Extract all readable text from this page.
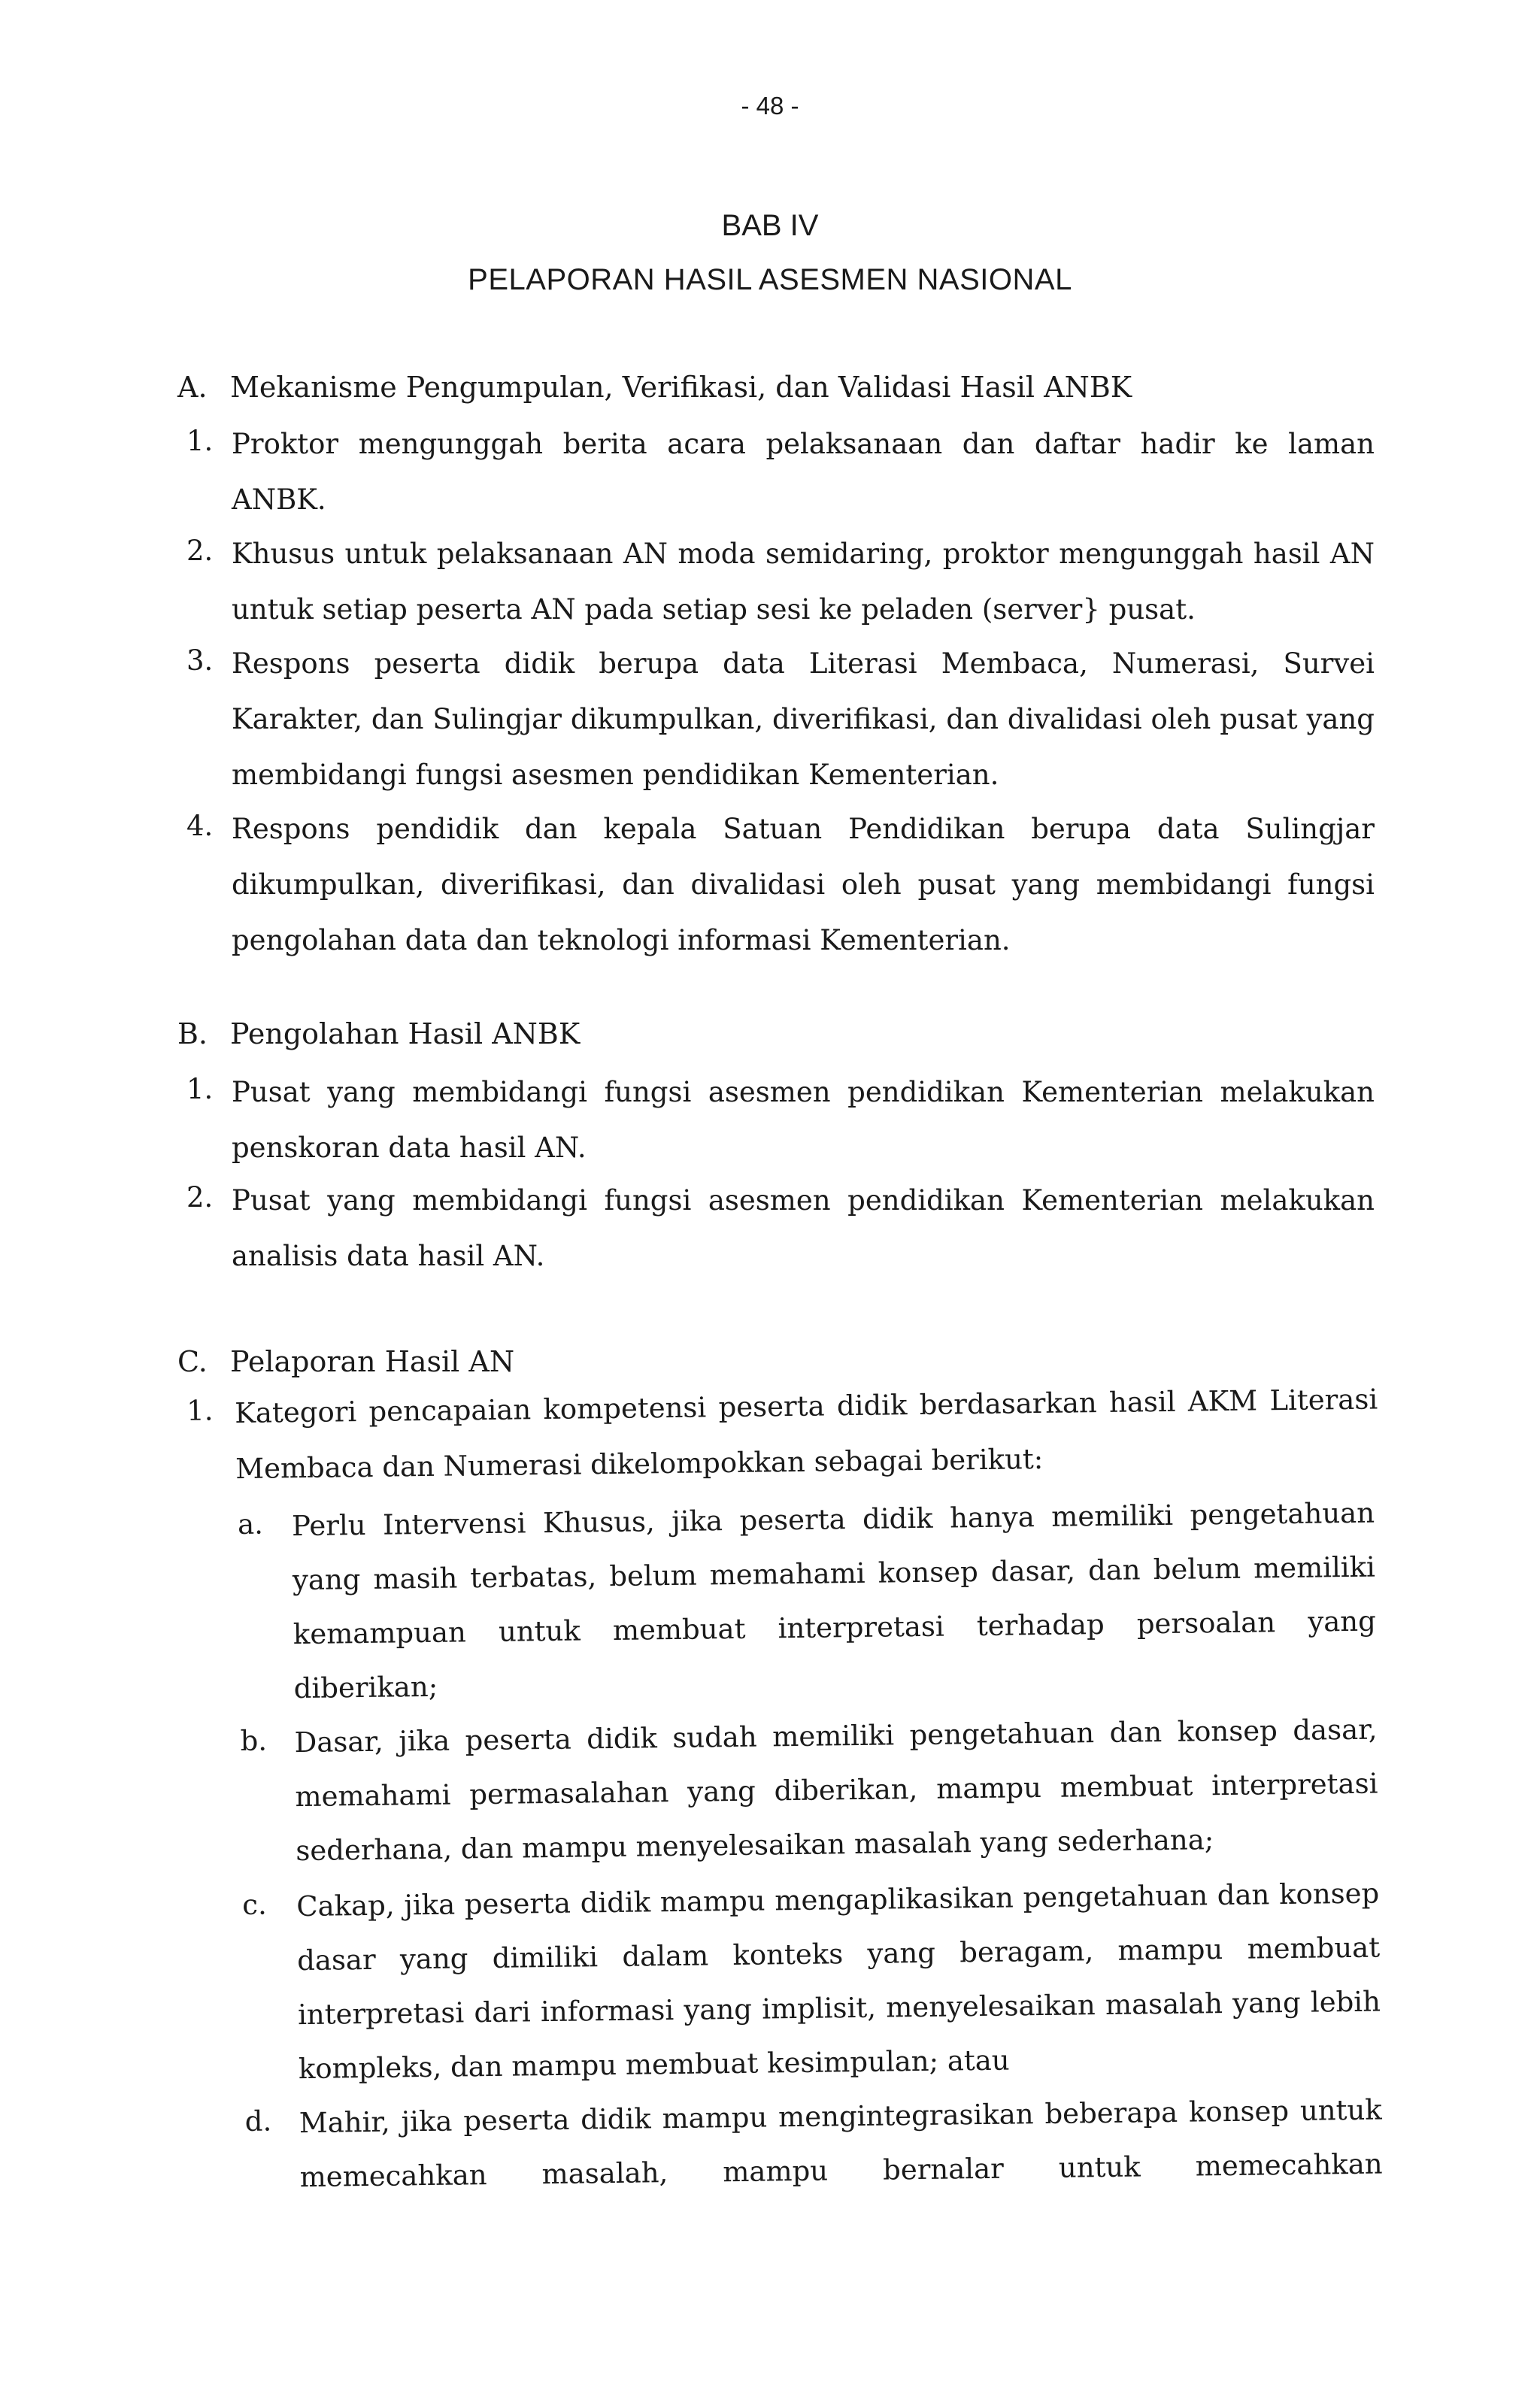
- 48 -
BAB IV
PELAPORAN HASIL ASESMEN NASIONAL
A. Mekanisme Pengumpulan, Verifikasi, dan Validasi Hasil ANBK
1. Proktor mengunggah berita acara pelaksanaan dan daftar hadir ke laman ANBK.
2. Khusus untuk pelaksanaan AN moda semidaring, proktor mengunggah hasil AN untuk setiap peserta AN pada setiap sesi ke peladen (server} pusat.
3. Respons peserta didik berupa data Literasi Membaca, Numerasi, Survei Karakter, dan Sulingjar dikumpulkan, diverifikasi, dan divalidasi oleh pusat yang membidangi fungsi asesmen pendidikan Kementerian.
4. Respons pendidik dan kepala Satuan Pendidikan berupa data Sulingjar dikumpulkan, diverifikasi, dan divalidasi oleh pusat yang membidangi fungsi pengolahan data dan teknologi informasi Kementerian.
B. Pengolahan Hasil ANBK
1. Pusat yang membidangi fungsi asesmen pendidikan Kementerian melakukan penskoran data hasil AN.
2. Pusat yang membidangi fungsi asesmen pendidikan Kementerian melakukan analisis data hasil AN.
C. Pelaporan Hasil AN
1. Kategori pencapaian kompetensi peserta didik berdasarkan hasil AKM Literasi Membaca dan Numerasi dikelompokkan sebagai berikut:
a. Perlu Intervensi Khusus, jika peserta didik hanya memiliki pengetahuan yang masih terbatas, belum memahami konsep dasar, dan belum memiliki kemampuan untuk membuat interpretasi terhadap persoalan yang diberikan;
b. Dasar, jika peserta didik sudah memiliki pengetahuan dan konsep dasar, memahami permasalahan yang diberikan, mampu membuat interpretasi sederhana, dan mampu menyelesaikan masalah yang sederhana;
c. Cakap, jika peserta didik mampu mengaplikasikan pengetahuan dan konsep dasar yang dimiliki dalam konteks yang beragam, mampu membuat interpretasi dari informasi yang implisit, menyelesaikan masalah yang lebih kompleks, dan mampu membuat kesimpulan; atau
d. Mahir, jika peserta didik mampu mengintegrasikan beberapa konsep untuk memecahkan masalah, mampu bernalar untuk memecahkan
